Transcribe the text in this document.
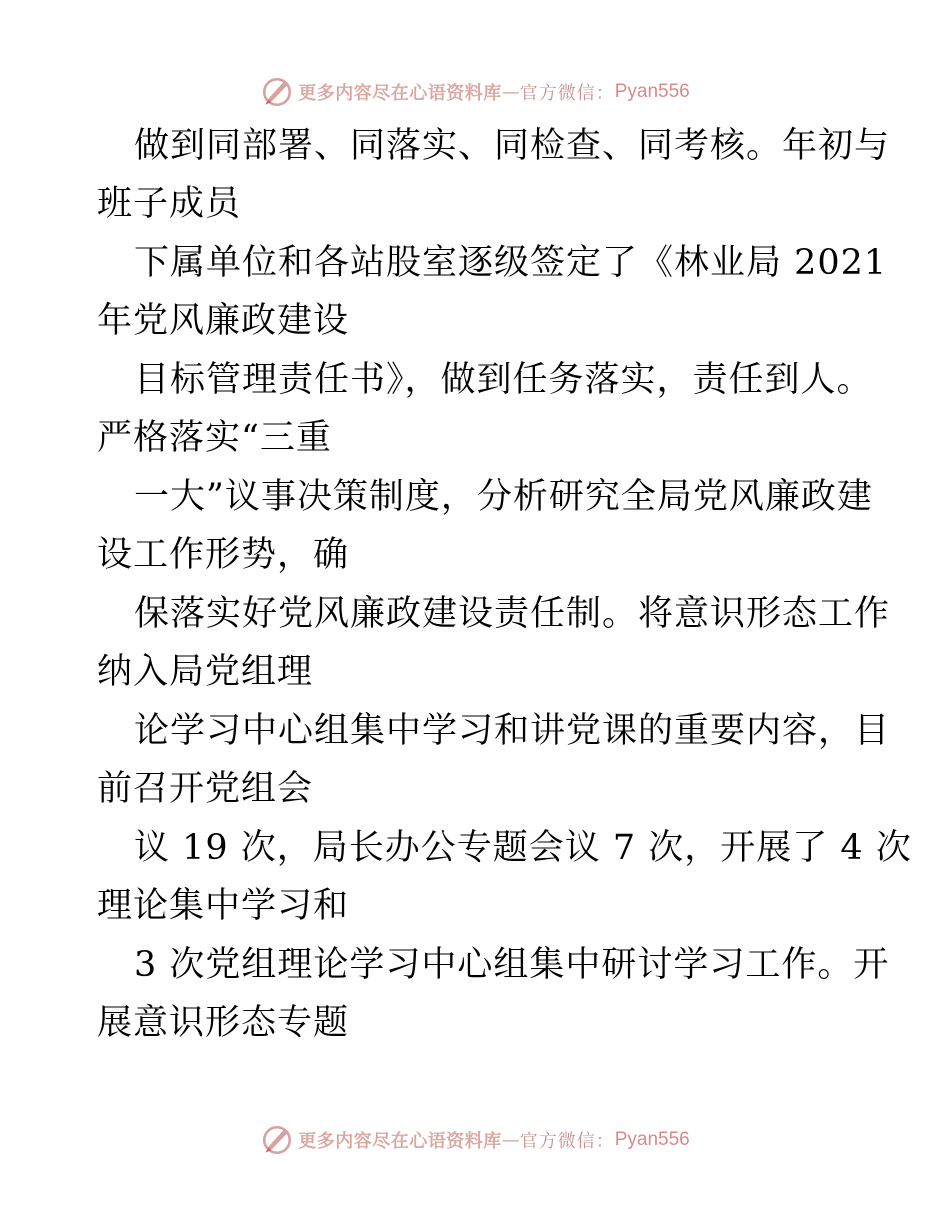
更多内容尽在心语资料库 — 官方微信： Pyan556
做到同部署、同落实、同检查、同考核。年初与
班子成员
下属单位和各站股室逐级签定了《林业局 2021
年党风廉政建设
目标管理责任书》，做到任务落实，责任到人。
严格落实“三重
一大”议事决策制度，分析研究全局党风廉政建
设工作形势，确
保落实好党风廉政建设责任制。将意识形态工作
纳入局党组理
论学习中心组集中学习和讲党课的重要内容，目
前召开党组会
议 19 次，局长办公专题会议 7 次，开展了 4 次
理论集中学习和
3 次党组理论学习中心组集中研讨学习工作。开
展意识形态专题
更多内容尽在心语资料库 — 官方微信： Pyan556
